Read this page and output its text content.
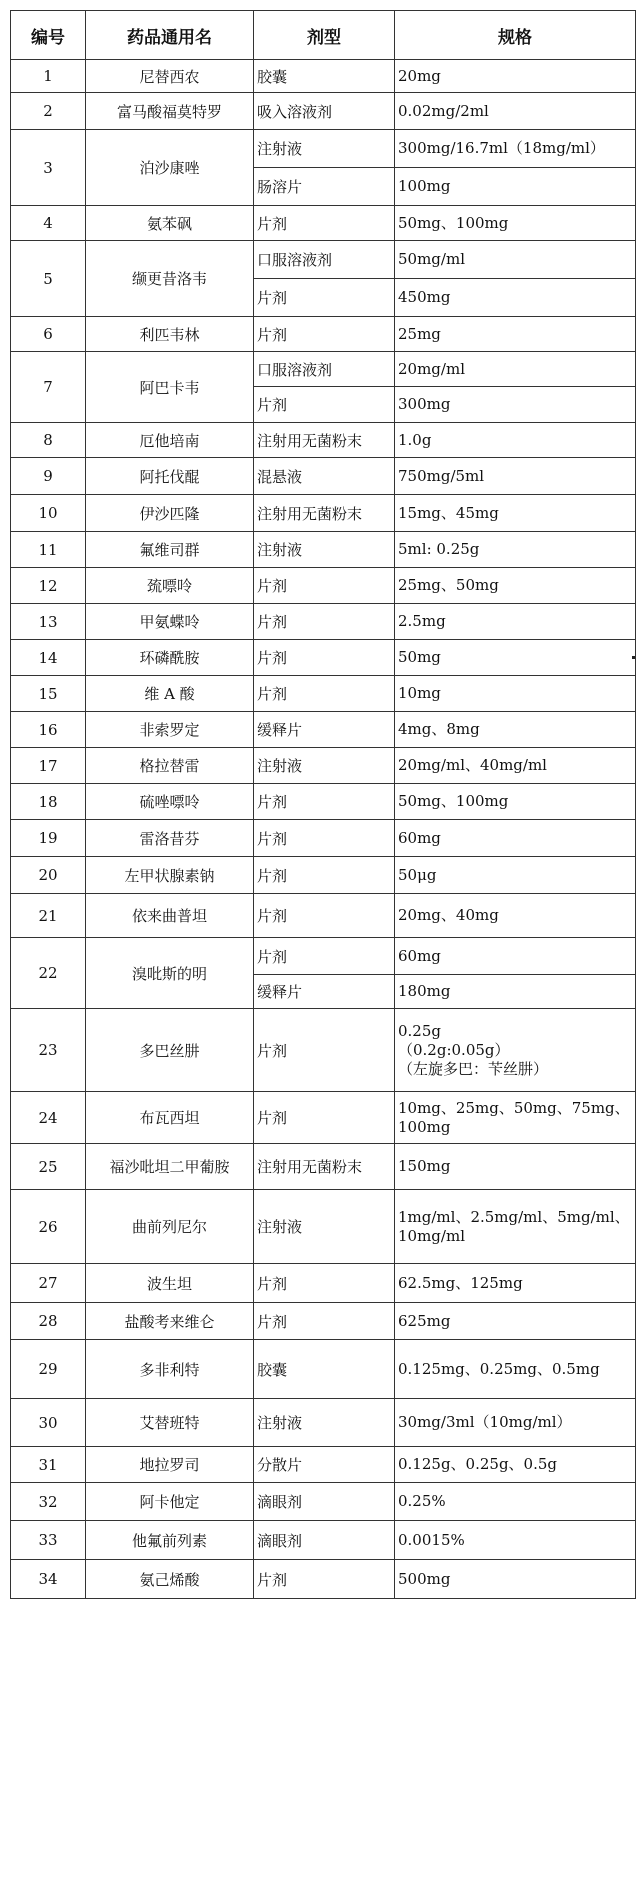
编号	药品通用名	剂型	规格
1	尼替西农	胶囊	20mg
2	富马酸福莫特罗	吸入溶液剂	0.02mg/2ml
3	泊沙康唑	注射液	300mg/16.7ml（18mg/ml）
		肠溶片	100mg
4	氨苯砜	片剂	50mg、100mg
5	缬更昔洛韦	口服溶液剂	50mg/ml
		片剂	450mg
6	利匹韦林	片剂	25mg
7	阿巴卡韦	口服溶液剂	20mg/ml
		片剂	300mg
8	厄他培南	注射用无菌粉末	1.0g
9	阿托伐醌	混悬液	750mg/5ml
10	伊沙匹隆	注射用无菌粉末	15mg、45mg
11	氟维司群	注射液	5ml: 0.25g
12	巯嘌呤	片剂	25mg、50mg
13	甲氨蝶呤	片剂	2.5mg
14	环磷酰胺	片剂	50mg
15	维 A 酸	片剂	10mg
16	非索罗定	缓释片	4mg、8mg
17	格拉替雷	注射液	20mg/ml、40mg/ml
18	硫唑嘌呤	片剂	50mg、100mg
19	雷洛昔芬	片剂	60mg
20	左甲状腺素钠	片剂	50μg
21	依来曲普坦	片剂	20mg、40mg
22	溴吡斯的明	片剂	60mg
		缓释片	180mg
23	多巴丝肼	片剂	0.25g
（0.2g:0.05g）
（左旋多巴：苄丝肼）
24	布瓦西坦	片剂	10mg、25mg、50mg、75mg、100mg
25	福沙吡坦二甲葡胺	注射用无菌粉末	150mg
26	曲前列尼尔	注射液	1mg/ml、2.5mg/ml、5mg/ml、10mg/ml
27	波生坦	片剂	62.5mg、125mg
28	盐酸考来维仑	片剂	625mg
29	多非利特	胶囊	0.125mg、0.25mg、0.5mg
30	艾替班特	注射液	30mg/3ml（10mg/ml）
31	地拉罗司	分散片	0.125g、0.25g、0.5g
32	阿卡他定	滴眼剂	0.25%
33	他氟前列素	滴眼剂	0.0015%
34	氨己烯酸	片剂	500mg
